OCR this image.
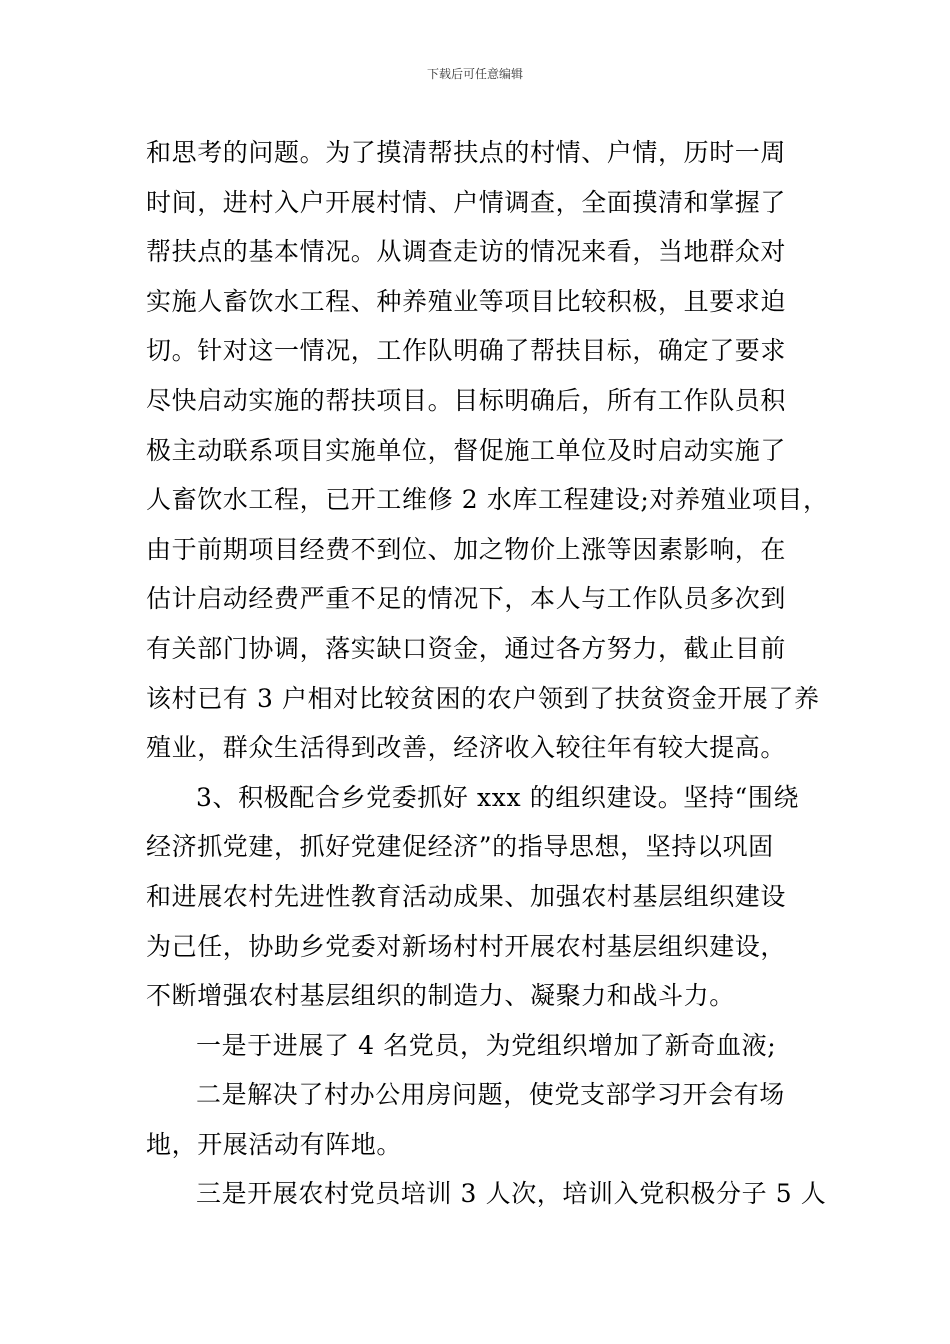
下载后可任意编辑
和思考的问题。为了摸清帮扶点的村情、户情，历时一周
时间，进村入户开展村情、户情调查，全面摸清和掌握了
帮扶点的基本情况。从调查走访的情况来看，当地群众对
实施人畜饮水工程、种养殖业等项目比较积极，且要求迫
切。针对这一情况，工作队明确了帮扶目标，确定了要求
尽快启动实施的帮扶项目。目标明确后，所有工作队员积
极主动联系项目实施单位，督促施工单位及时启动实施了
人畜饮水工程，已开工维修 2 水库工程建设;对养殖业项目，
由于前期项目经费不到位、加之物价上涨等因素影响，在
估计启动经费严重不足的情况下，本人与工作队员多次到
有关部门协调，落实缺口资金，通过各方努力，截止目前
该村已有 3 户相对比较贫困的农户领到了扶贫资金开展了养
殖业，群众生活得到改善，经济收入较往年有较大提高。
3、积极配合乡党委抓好 xxx 的组织建设。坚持“围绕
经济抓党建，抓好党建促经济”的指导思想，坚持以巩固
和进展农村先进性教育活动成果、加强农村基层组织建设
为己任，协助乡党委对新场村村开展农村基层组织建设，
不断增强农村基层组织的制造力、凝聚力和战斗力。
一是于进展了 4 名党员，为党组织增加了新奇血液;
二是解决了村办公用房问题，使党支部学习开会有场
地，开展活动有阵地。
三是开展农村党员培训 3 人次，培训入党积极分子 5 人
